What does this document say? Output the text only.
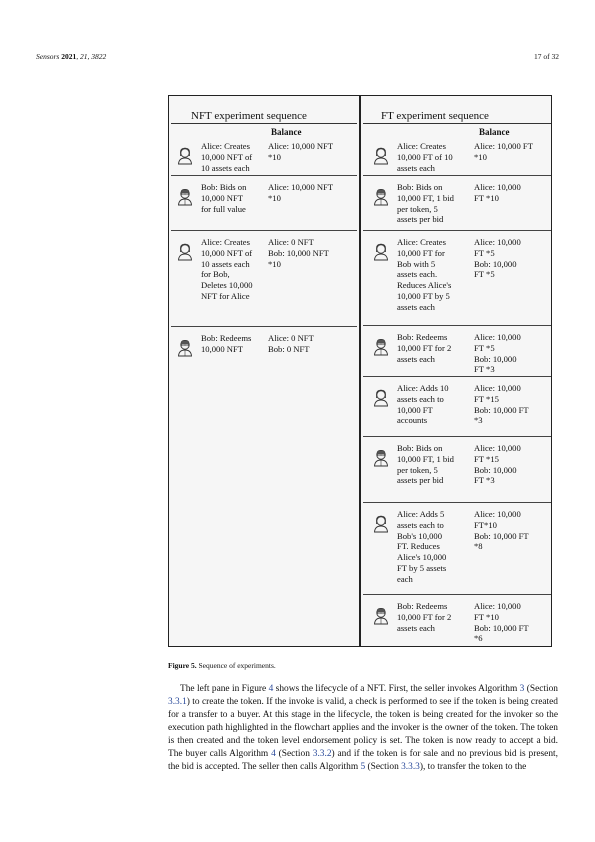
Sensors 2021, 21, 3822	17 of 32
NFT experiment sequence
Balance
FT experiment sequence
Balance
Alice: Creates
10,000 NFT of
10 assets each
Alice: 10,000 NFT
*10
Bob: Bids on
10,000 NFT
for full value
Alice: 10,000 NFT
*10
Alice: Creates
10,000 NFT of
10 assets each
for Bob,
Deletes 10,000
NFT for Alice
Alice: 0 NFT
Bob: 10,000 NFT
*10
Bob: Redeems
10,000 NFT
Alice: 0 NFT
Bob: 0 NFT
Alice: Creates
10,000 FT of 10
assets each
Alice: 10,000 FT
*10
Bob: Bids on
10,000 FT, 1 bid
per token, 5
assets per bid
Alice: 10,000
FT *10
Alice: Creates
10,000 FT for
Bob with 5
assets each.
Reduces Alice's
10,000 FT by 5
assets each
Alice: 10,000
FT *5
Bob: 10,000
FT *5
Bob: Redeems
10,000 FT for 2
assets each
Alice: 10,000
FT *5
Bob: 10,000
FT *3
Alice: Adds 10
assets each to
10,000 FT
accounts
Alice: 10,000
FT *15
Bob: 10,000 FT
*3
Bob: Bids on
10,000 FT, 1 bid
per token, 5
assets per bid
Alice: 10,000
FT *15
Bob: 10,000
FT *3
Alice: Adds 5
assets each to
Bob's 10,000
FT. Reduces
Alice's 10,000
FT by 5 assets
each
Alice: 10,000
FT*10
Bob: 10,000 FT
*8
Bob: Redeems
10,000 FT for 2
assets each
Alice: 10,000
FT *10
Bob: 10,000 FT
*6
Figure 5. Sequence of experiments.

The left pane in Figure 4 shows the lifecycle of a NFT. First, the seller invokes Algorithm 3 (Section 3.3.1) to create the token. If the invoke is valid, a check is performed to see if the token is being created for a transfer to a buyer. At this stage in the lifecycle, the token is being created for the invoker so the execution path highlighted in the flowchart applies and the invoker is the owner of the token. The token is then created and the token level endorsement policy is set. The token is now ready to accept a bid. The buyer calls Algorithm 4 (Section 3.3.2) and if the token is for sale and no previous bid is present, the bid is accepted. The seller then calls Algorithm 5 (Section 3.3.3), to transfer the token to the
